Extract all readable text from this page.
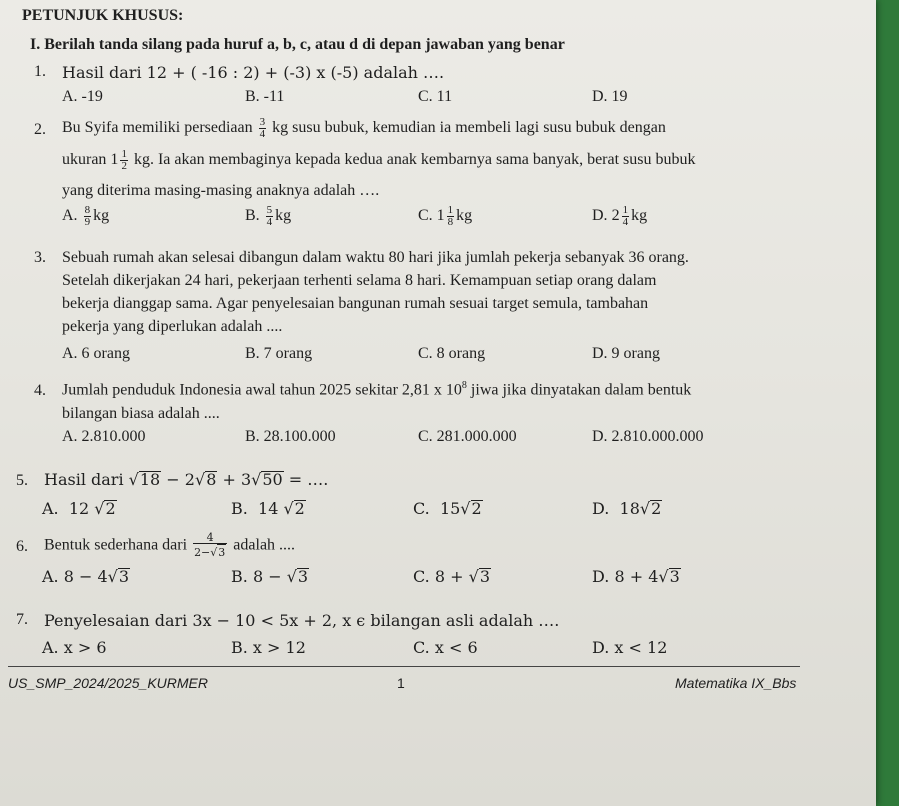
PETUNJUK KHUSUS:
I. Berilah tanda silang pada huruf a, b, c, atau d di depan jawaban yang benar
1. Hasil dari 12 + ( -16 : 2) + (-3) x (-5) adalah ….
A. -19	B. -11	C. 11	D. 19
2. Bu Syifa memiliki persediaan $\frac{3}{4}$ kg susu bubuk, kemudian ia membeli lagi susu bubuk dengan
ukuran $1 \frac{1}{2}$ kg. Ia akan membaginya kepada kedua anak kembarnya sama banyak, berat susu bubuk
yang diterima masing-masing anaknya adalah ….
A. $\frac{8}{9}$ kg	B. $\frac{5}{4}$ kg	C. $1 \frac{1}{8}$ kg	D. $2 \frac{1}{4}$ kg
3. Sebuah rumah akan selesai dibangun dalam waktu 80 hari jika jumlah pekerja sebanyak 36 orang.
Setelah dikerjakan 24 hari, pekerjaan terhenti selama 8 hari. Kemampuan setiap orang dalam
bekerja dianggap sama. Agar penyelesaian bangunan rumah sesuai target semula, tambahan
pekerja yang diperlukan adalah ....
A. 6 orang	B. 7 orang	C. 8 orang	D. 9 orang
4. Jumlah penduduk Indonesia awal tahun 2025 sekitar 2,81 x $10^8$ jiwa jika dinyatakan dalam bentuk
bilangan biasa adalah ....
A. 2.810.000	B. 28.100.000	C. 281.000.000	D. 2.810.000.000
5. Hasil dari √18 − 2√8 + 3√50 = ….
A. 12 √2	B. 14 √2	C. 15√2	D. 18√2
6. Bentuk sederhana dari $\frac{4}{2-√3}$ adalah ....
A. 8 − 4√3	B. 8 − √3	C. 8 + √3	D. 8 + 4√3
7. Penyelesaian dari 3x − 10 < 5x + 2, x ϵ bilangan asli adalah ….
A. x > 6	B. x > 12	C. x < 6	D. x < 12
US_SMP_2024/2025_KURMER	1	Matematika IX_Bbs
